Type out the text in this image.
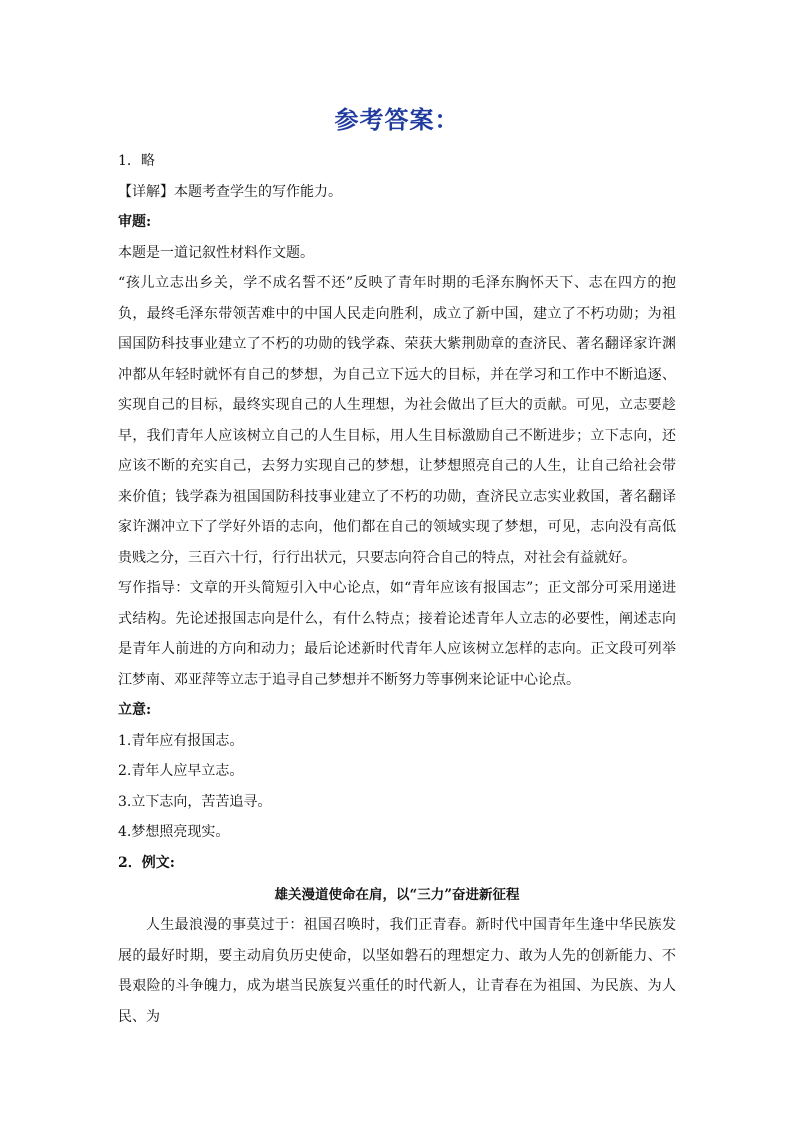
参考答案：

1．略

【详解】本题考查学生的写作能力。

审题:

本题是一道记叙性材料作文题。

“孩儿立志出乡关，学不成名誓不还”反映了青年时期的毛泽东胸怀天下、志在四方的抱负，最终毛泽东带领苦难中的中国人民走向胜利，成立了新中国，建立了不朽功勋；为祖国国防科技事业建立了不朽的功勋的钱学森、荣获大紫荆勋章的查济民、著名翻译家许渊冲都从年轻时就怀有自己的梦想，为自己立下远大的目标，并在学习和工作中不断追逐、实现自己的目标，最终实现自己的人生理想，为社会做出了巨大的贡献。可见，立志要趁早，我们青年人应该树立自己的人生目标，用人生目标激励自己不断进步；立下志向，还应该不断的充实自己，去努力实现自己的梦想，让梦想照亮自己的人生，让自己给社会带来价值；钱学森为祖国国防科技事业建立了不朽的功勋，查济民立志实业救国，著名翻译家许渊冲立下了学好外语的志向，他们都在自己的领域实现了梦想，可见，志向没有高低贵贱之分，三百六十行，行行出状元，只要志向符合自己的特点，对社会有益就好。

写作指导：文章的开头简短引入中心论点，如“青年应该有报国志”；正文部分可采用递进式结构。先论述报国志向是什么，有什么特点；接着论述青年人立志的必要性，阐述志向是青年人前进的方向和动力；最后论述新时代青年人应该树立怎样的志向。正文段可列举江梦南、邓亚萍等立志于追寻自己梦想并不断努力等事例来论证中心论点。

立意:

1.青年应有报国志。

2.青年人应早立志。

3.立下志向，苦苦追寻。

4.梦想照亮现实。

2．例文:

雄关漫道使命在肩，以“三力”奋进新征程

人生最浪漫的事莫过于：祖国召唤时，我们正青春。新时代中国青年生逢中华民族发展的最好时期，要主动肩负历史使命，以坚如磐石的理想定力、敢为人先的创新能力、不畏艰险的斗争魄力，成为堪当民族复兴重任的时代新人，让青春在为祖国、为民族、为人民、为
